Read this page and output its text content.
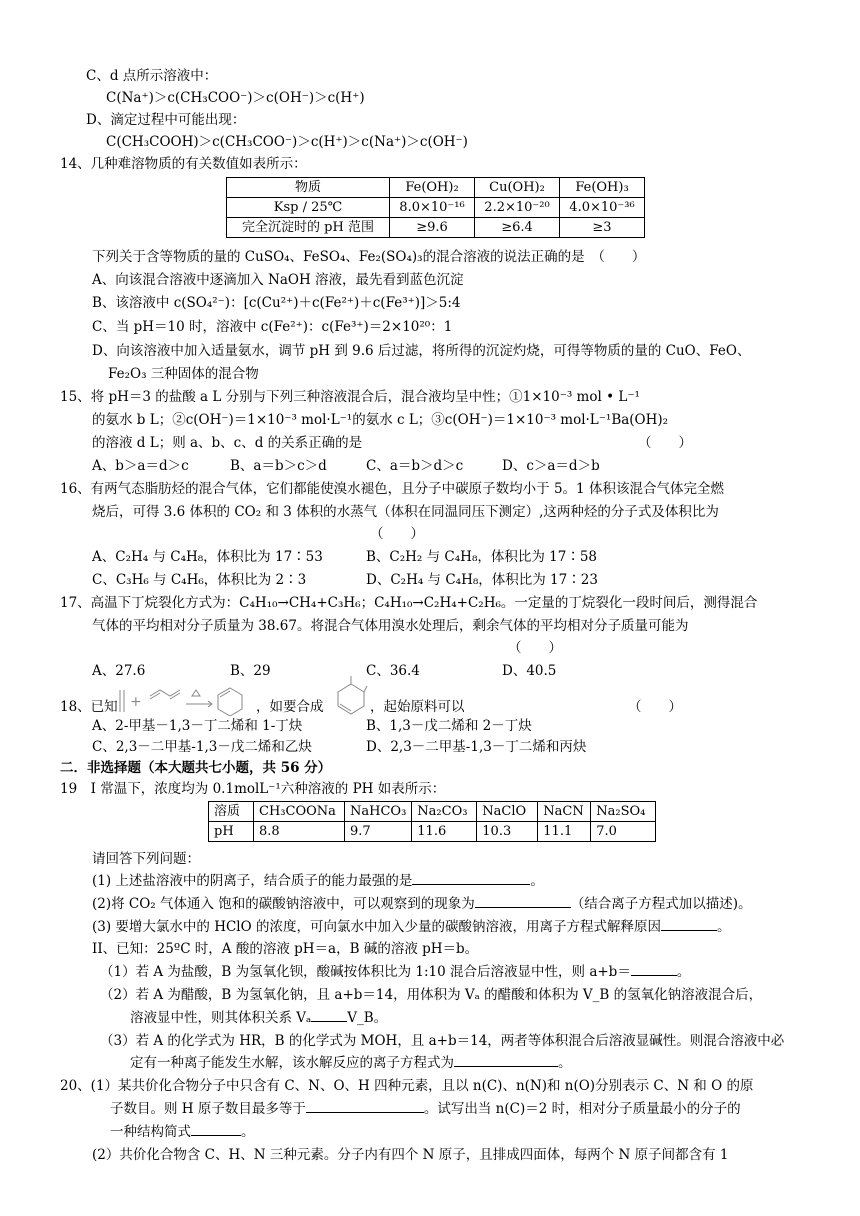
C、d 点所示溶液中：
C(Na⁺)＞c(CH₃COO⁻)＞c(OH⁻)＞c(H⁺)
D、滴定过程中可能出现：
C(CH₃COOH)＞c(CH₃COO⁻)＞c(H⁺)＞c(Na⁺)＞c(OH⁻)
14、几种难溶物质的有关数值如表所示：
物质	Fe(OH)₂	Cu(OH)₂	Fe(OH)₃
Ksp / 25℃	8.0×10⁻¹⁶	2.2×10⁻²⁰	4.0×10⁻³⁶
完全沉淀时的 pH 范围	≥9.6	≥6.4	≥3
下列关于含等物质的量的 CuSO₄、FeSO₄、Fe₂(SO₄)₃的混合溶液的说法正确的是　（　　）
A、向该混合溶液中逐滴加入 NaOH 溶液，最先看到蓝色沉淀
B、该溶液中 c(SO₄²⁻)：[c(Cu²⁺)＋c(Fe²⁺)＋c(Fe³⁺)]＞5:4
C、当 pH＝10 时，溶液中 c(Fe²⁺)：c(Fe³⁺)＝2×10²⁰：1
D、向该溶液中加入适量氨水，调节 pH 到 9.6 后过滤，将所得的沉淀灼烧，可得等物质的量的 CuO、FeO、
Fe₂O₃ 三种固体的混合物
15、将 pH＝3 的盐酸 a L 分别与下列三种溶液混合后，混合液均呈中性；①1×10⁻³ mol • L⁻¹
的氨水 b L；②c(OH⁻)＝1×10⁻³ mol·L⁻¹的氨水 c L；③c(OH⁻)＝1×10⁻³ mol·L⁻¹Ba(OH)₂
的溶液 d L；则 a、b、c、d 的关系正确的是	（　　）
A、b＞a＝d＞c	B、a＝b＞c＞d	C、a＝b＞d＞c	D、c＞a＝d＞b
16、有两气态脂肪烃的混合气体，它们都能使溴水褪色，且分子中碳原子数均小于 5。1 体积该混合气体完全燃
烧后，可得 3.6 体积的 CO₂ 和 3 体积的水蒸气（体积在同温同压下测定）,这两种烃的分子式及体积比为
（　　）
A、C₂H₄ 与 C₄H₈，体积比为 17∶53	B、C₂H₂ 与 C₄H₈，体积比为 17∶58
C、C₃H₆ 与 C₄H₆，体积比为 2∶3	D、C₂H₄ 与 C₄H₈，体积比为 17∶23
17、高温下丁烷裂化方式为：C₄H₁₀→CH₄+C₃H₆；C₄H₁₀→C₂H₄+C₂H₆。一定量的丁烷裂化一段时间后，测得混合
气体的平均相对分子质量为 38.67。将混合气体用溴水处理后，剩余气体的平均相对分子质量可能为
（　　）
A、27.6	B、29	C、36.4	D、40.5
18、已知 +	，如要合成	，起始原料可以	（　　）
A、2-甲基－1,3－丁二烯和 1-丁炔	B、1,3－戊二烯和 2－丁炔
C、2,3－二甲基-1,3－戊二烯和乙炔	D、2,3－二甲基-1,3－丁二烯和丙炔
二．非选择题（本大题共七小题，共 56 分）
19　I 常温下，浓度均为 0.1molL⁻¹六种溶液的 PH 如表所示：
溶质	CH₃COONa	NaHCO₃	Na₂CO₃	NaClO	NaCN	Na₂SO₄
pH	8.8	9.7	11.6	10.3	11.1	7.0
请回答下列问题：
(1) 上述盐溶液中的阴离子，结合质子的能力最强的是	。
(2)将 CO₂ 气体通入 饱和的碳酸钠溶液中，可以观察到的现象为	（结合离子方程式加以描述)。
(3) 要增大氯水中的 HClO 的浓度，可向氯水中加入少量的碳酸钠溶液，用离子方程式解释原因	。
II、已知：25ºC 时，A 酸的溶液 pH＝a，B 碱的溶液 pH＝b。
（1）若 A 为盐酸，B 为氢氧化钡，酸碱按体积比为 1:10 混合后溶液显中性，则 a+b＝	。
（2）若 A 为醋酸，B 为氢氧化钠，且 a+b＝14，用体积为 Vₐ 的醋酸和体积为 V_B 的氢氧化钠溶液混合后，
溶液显中性，则其体积关系 Vₐ	V_B。
（3）若 A 的化学式为 HR，B 的化学式为 MOH，且 a+b＝14，两者等体积混合后溶液显碱性。则混合溶液中必
定有一种离子能发生水解，该水解反应的离子方程式为	。
20、(1）某共价化合物分子中只含有 C、N、O、H 四种元素，且以 n(C)、n(N)和 n(O)分别表示 C、N 和 O 的原
子数目。则 H 原子数目最多等于	。试写出当 n(C)＝2 时，相对分子质量最小的分子的
一种结构简式	。
(2）共价化合物含 C、H、N 三种元素。分子内有四个 N 原子，且排成四面体，每两个 N 原子间都含有 1
